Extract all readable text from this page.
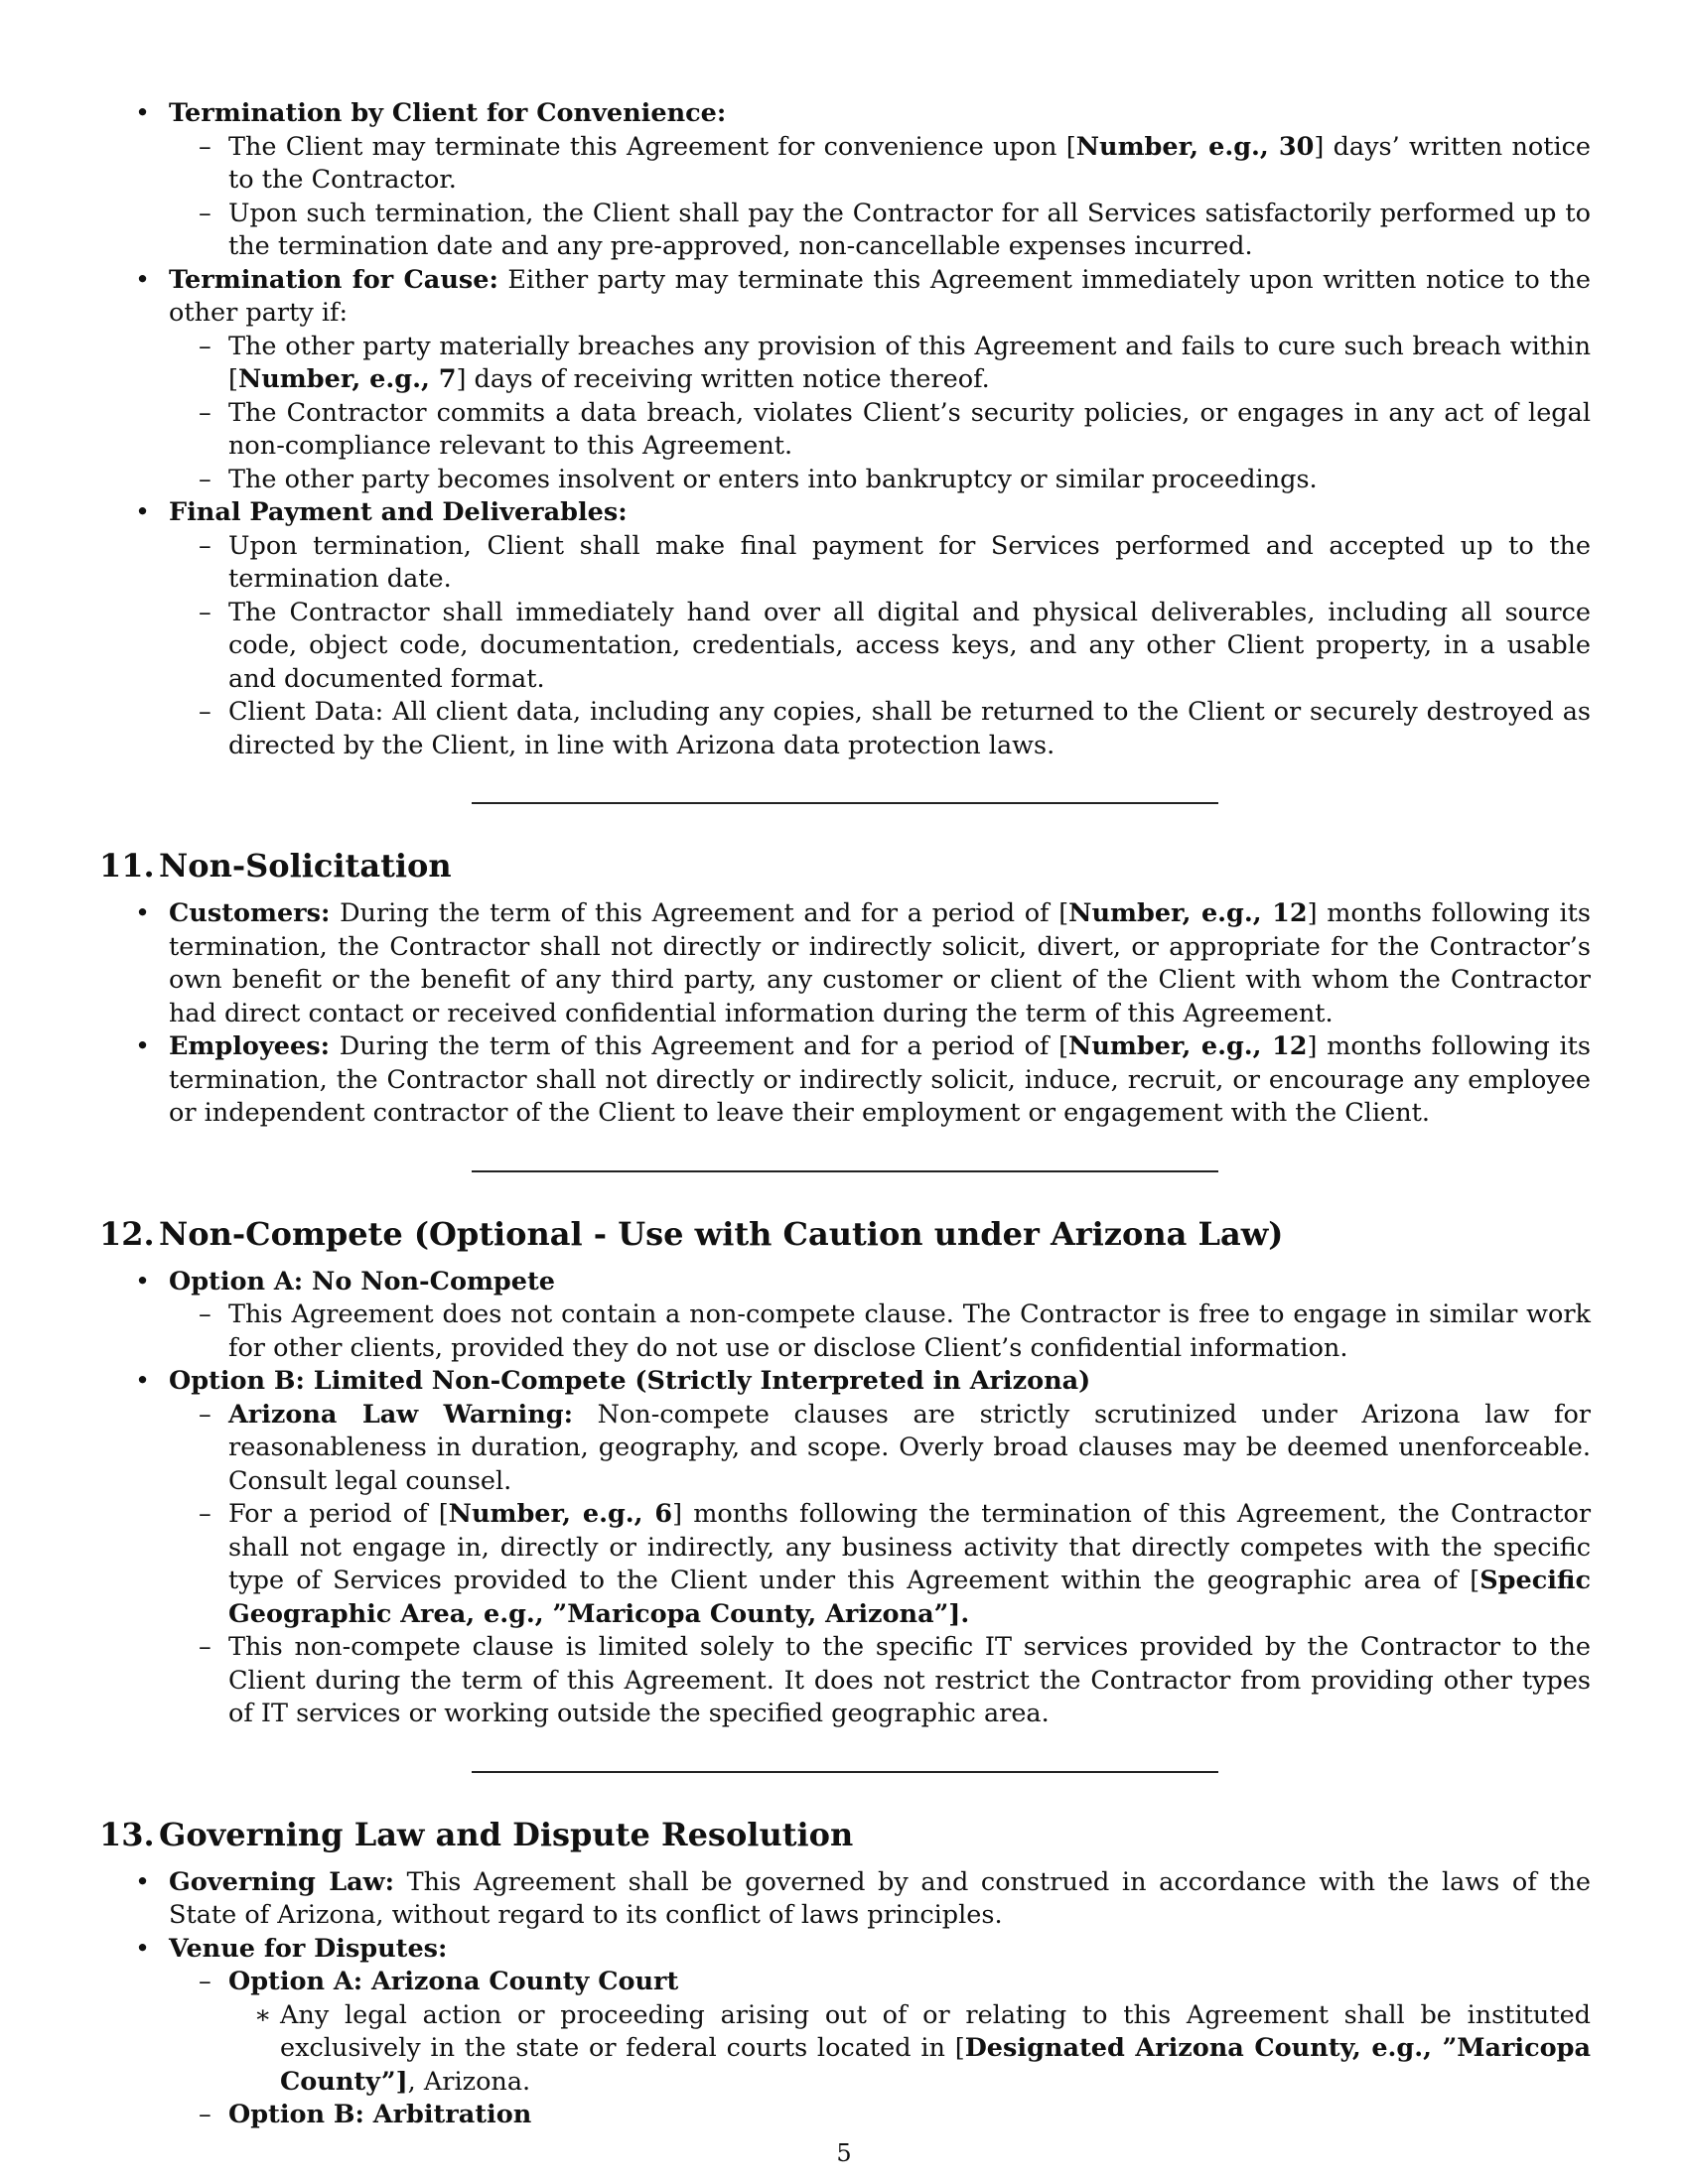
• Termination by Client for Convenience:
– The Client may terminate this Agreement for convenience upon [Number, e.g., 30] days’ written notice to the Contractor.
– Upon such termination, the Client shall pay the Contractor for all Services satisfactorily performed up to the termination date and any pre-approved, non-cancellable expenses incurred.
• Termination for Cause: Either party may terminate this Agreement immediately upon written notice to the other party if:
– The other party materially breaches any provision of this Agreement and fails to cure such breach within [Number, e.g., 7] days of receiving written notice thereof.
– The Contractor commits a data breach, violates Client’s security policies, or engages in any act of legal non-compliance relevant to this Agreement.
– The other party becomes insolvent or enters into bankruptcy or similar proceedings.
• Final Payment and Deliverables:
– Upon termination, Client shall make final payment for Services performed and accepted up to the termination date.
– The Contractor shall immediately hand over all digital and physical deliverables, including all source code, object code, documentation, credentials, access keys, and any other Client property, in a usable and documented format.
– Client Data: All client data, including any copies, shall be returned to the Client or securely destroyed as directed by the Client, in line with Arizona data protection laws.
11. Non-Solicitation
• Customers: During the term of this Agreement and for a period of [Number, e.g., 12] months following its termination, the Contractor shall not directly or indirectly solicit, divert, or appropriate for the Contractor’s own benefit or the benefit of any third party, any customer or client of the Client with whom the Contractor had direct contact or received confidential information during the term of this Agreement.
• Employees: During the term of this Agreement and for a period of [Number, e.g., 12] months following its termination, the Contractor shall not directly or indirectly solicit, induce, recruit, or encourage any employee or independent contractor of the Client to leave their employment or engagement with the Client.
12. Non-Compete (Optional - Use with Caution under Arizona Law)
• Option A: No Non-Compete
– This Agreement does not contain a non-compete clause. The Contractor is free to engage in similar work for other clients, provided they do not use or disclose Client’s confidential information.
• Option B: Limited Non-Compete (Strictly Interpreted in Arizona)
– Arizona Law Warning: Non-compete clauses are strictly scrutinized under Arizona law for reasonableness in duration, geography, and scope. Overly broad clauses may be deemed unenforceable. Consult legal counsel.
– For a period of [Number, e.g., 6] months following the termination of this Agreement, the Contractor shall not engage in, directly or indirectly, any business activity that directly competes with the specific type of Services provided to the Client under this Agreement within the geographic area of [Specific Geographic Area, e.g., ”Maricopa County, Arizona”].
– This non-compete clause is limited solely to the specific IT services provided by the Contractor to the Client during the term of this Agreement. It does not restrict the Contractor from providing other types of IT services or working outside the specified geographic area.
13. Governing Law and Dispute Resolution
• Governing Law: This Agreement shall be governed by and construed in accordance with the laws of the State of Arizona, without regard to its conflict of laws principles.
• Venue for Disputes:
– Option A: Arizona County Court
∗ Any legal action or proceeding arising out of or relating to this Agreement shall be instituted exclusively in the state or federal courts located in [Designated Arizona County, e.g., ”Maricopa County”], Arizona.
– Option B: Arbitration
5
